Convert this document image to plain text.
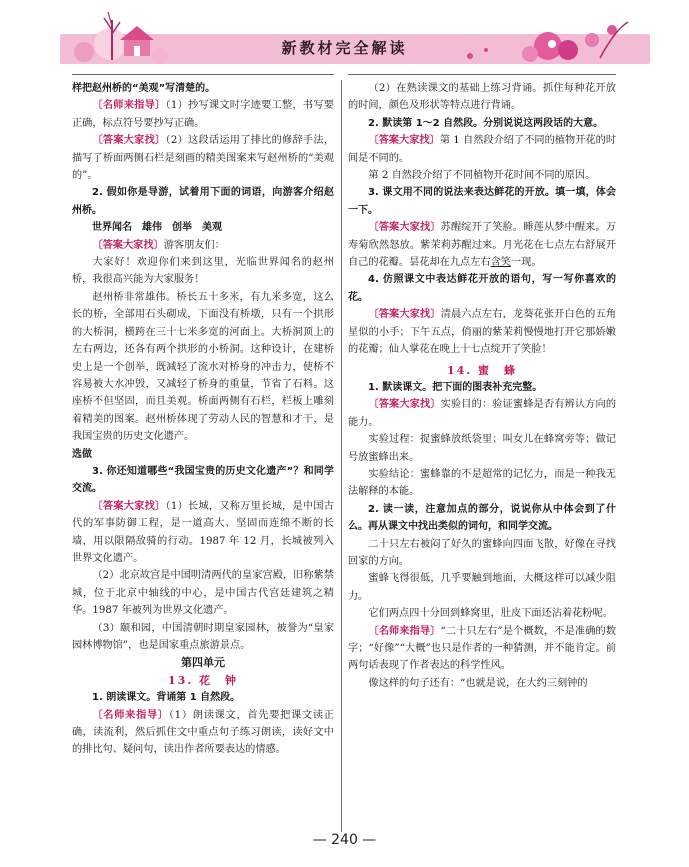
新教材完全解读

样把赵州桥的“美观”写清楚的。

〔名师来指导〕（1）抄写课文时字迹要工整，书写要正确，标点符号要抄写正确。

〔答案大家找〕（2）这段话运用了排比的修辞手法，描写了桥面两侧石栏是刻画的精美图案来写赵州桥的“美观的”。

2. 假如你是导游，试着用下面的词语，向游客介绍赵州桥。

世界闻名　雄伟　创举　美观

〔答案大家找〕游客朋友们：

大家好！欢迎你们来到这里，光临世界闻名的赵州桥，我很高兴能为大家服务！

赵州桥非常雄伟。桥长五十多米，有九米多宽，这么长的桥，全部用石头砌成，下面没有桥墩，只有一个拱形的大桥洞，横跨在三十七米多宽的河面上。大桥洞顶上的左右两边，还各有两个拱形的小桥洞。这种设计，在建桥史上是一个创举，既减轻了流水对桥身的冲击力，使桥不容易被大水冲毁，又减轻了桥身的重量，节省了石料。这座桥不但坚固，而且美观。桥面两侧有石栏，栏板上雕刻着精美的图案。赵州桥体现了劳动人民的智慧和才干，是我国宝贵的历史文化遗产。

选做

3. 你还知道哪些“我国宝贵的历史文化遗产”？和同学交流。

〔答案大家找〕（1）长城，又称万里长城，是中国古代的军事防御工程，是一道高大、坚固而连绵不断的长墙，用以限隔敌骑的行动。1987 年 12 月，长城被列入世界文化遗产。

（2）北京故宫是中国明清两代的皇家宫殿，旧称紫禁城，位于北京中轴线的中心，是中国古代宫廷建筑之精华。1987 年被列为世界文化遗产。

（3）颐和园，中国清朝时期皇家园林，被誉为“皇家园林博物馆”，也是国家重点旅游景点。

第四单元

13. 花　钟

1. 朗读课文。背诵第 1 自然段。

〔名师来指导〕（1）朗读课文，首先要把课文读正确，读流利，然后抓住文中重点句子练习朗读，读好文中的排比句、疑问句，读出作者所要表达的情感。

（2）在熟读课文的基础上练习背诵。抓住每种花开放的时间，颜色及形状等特点进行背诵。

2. 默读第 1～2 自然段。分别说说这两段话的大意。

〔答案大家找〕第 1 自然段介绍了不同的植物开花的时间是不同的。

第 2 自然段介绍了不同植物开花时间不同的原因。

3. 课文用不同的说法来表达鲜花的开放。填一填，体会一下。

〔答案大家找〕苏醒绽开了笑脸。睡莲从梦中醒来。万寿菊欣然怒放。紫茉莉苏醒过来。月光花在七点左右舒展开自己的花瓣。昙花却在九点左右含笑一现。

4. 仿照课文中表达鲜花开放的语句，写一写你喜欢的花。

〔答案大家找〕清晨六点左右，龙葵花张开白色的五角星似的小手；下午五点，俏丽的紫茉莉慢慢地打开它那娇嫩的花瓣；仙人掌花在晚上十七点绽开了笑脸！

14. 蜜　蜂

1. 默读课文。把下面的图表补充完整。

〔答案大家找〕实验目的：验证蜜蜂是否有辨认方向的能力。

实验过程：捉蜜蜂放纸袋里；叫女儿在蜂窝旁等；做记号放蜜蜂出来。

实验结论：蜜蜂靠的不是超常的记忆力，而是一种我无法解释的本能。

2. 读一读，注意加点的部分，说说你从中体会到了什么。再从课文中找出类似的词句，和同学交流。

二十只左右被闷了好久的蜜蜂向四面飞散，好像在寻找回家的方向。

蜜蜂飞得很低，几乎要触到地面，大概这样可以减少阻力。

它们两点四十分回到蜂窝里，肚皮下面还沾着花粉呢。

〔名师来指导〕“二十只左右”是个概数，不是准确的数字；“好像”“大概”也只是作者的一种猜测，并不能肯定。前两句话表现了作者表达的科学性风。

像这样的句子还有：“也就是说，在大约三刻钟的

— 240 —
